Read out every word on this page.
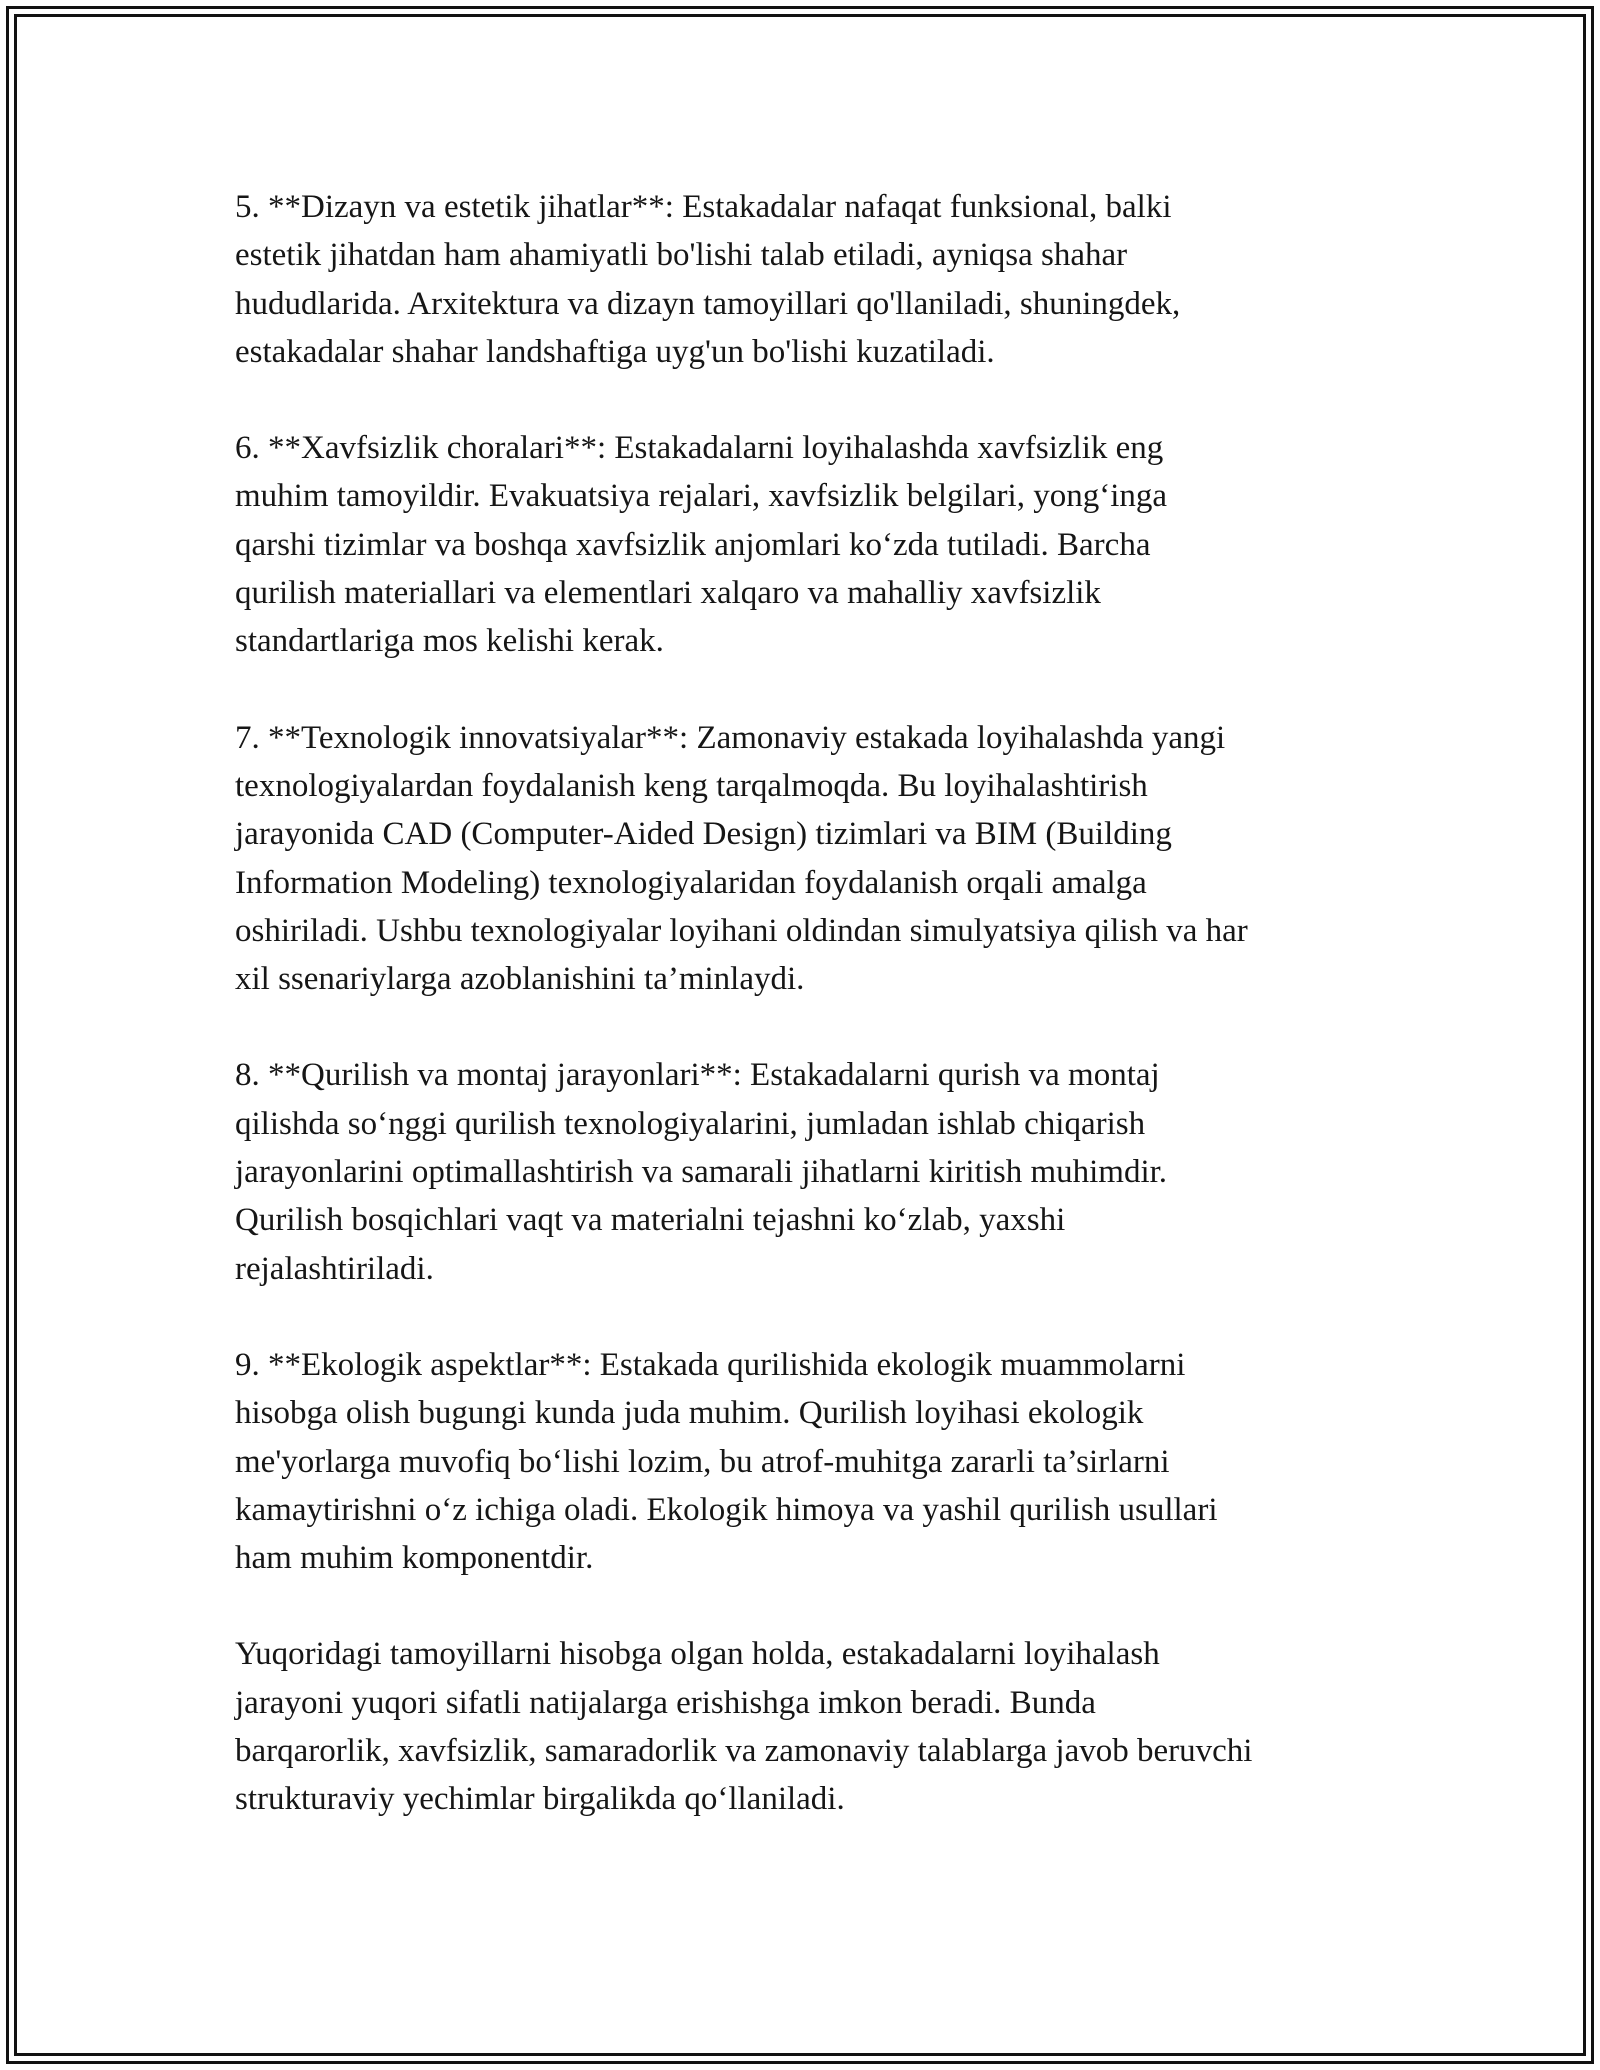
5. **Dizayn va estetik jihatlar**: Estakadalar nafaqat funksional, balki
estetik jihatdan ham ahamiyatli bo'lishi talab etiladi, ayniqsa shahar
hududlarida. Arxitektura va dizayn tamoyillari qo'llaniladi, shuningdek,
estakadalar shahar landshaftiga uyg'un bo'lishi kuzatiladi.

6. **Xavfsizlik choralari**: Estakadalarni loyihalashda xavfsizlik eng
muhim tamoyildir. Evakuatsiya rejalari, xavfsizlik belgilari, yong‘inga
qarshi tizimlar va boshqa xavfsizlik anjomlari ko‘zda tutiladi. Barcha
qurilish materiallari va elementlari xalqaro va mahalliy xavfsizlik
standartlariga mos kelishi kerak.

7. **Texnologik innovatsiyalar**: Zamonaviy estakada loyihalashda yangi
texnologiyalardan foydalanish keng tarqalmoqda. Bu loyihalashtirish
jarayonida CAD (Computer-Aided Design) tizimlari va BIM (Building
Information Modeling) texnologiyalaridan foydalanish orqali amalga
oshiriladi. Ushbu texnologiyalar loyihani oldindan simulyatsiya qilish va har
xil ssenariylarga azoblanishini ta’minlaydi.

8. **Qurilish va montaj jarayonlari**: Estakadalarni qurish va montaj
qilishda so‘nggi qurilish texnologiyalarini, jumladan ishlab chiqarish
jarayonlarini optimallashtirish va samarali jihatlarni kiritish muhimdir.
Qurilish bosqichlari vaqt va materialni tejashni ko‘zlab, yaxshi
rejalashtiriladi.

9. **Ekologik aspektlar**: Estakada qurilishida ekologik muammolarni
hisobga olish bugungi kunda juda muhim. Qurilish loyihasi ekologik
me'yorlarga muvofiq bo‘lishi lozim, bu atrof-muhitga zararli ta’sirlarni
kamaytirishni o‘z ichiga oladi. Ekologik himoya va yashil qurilish usullari
ham muhim komponentdir.

Yuqoridagi tamoyillarni hisobga olgan holda, estakadalarni loyihalash
jarayoni yuqori sifatli natijalarga erishishga imkon beradi. Bunda
barqarorlik, xavfsizlik, samaradorlik va zamonaviy talablarga javob beruvchi
strukturaviy yechimlar birgalikda qo‘llaniladi.
